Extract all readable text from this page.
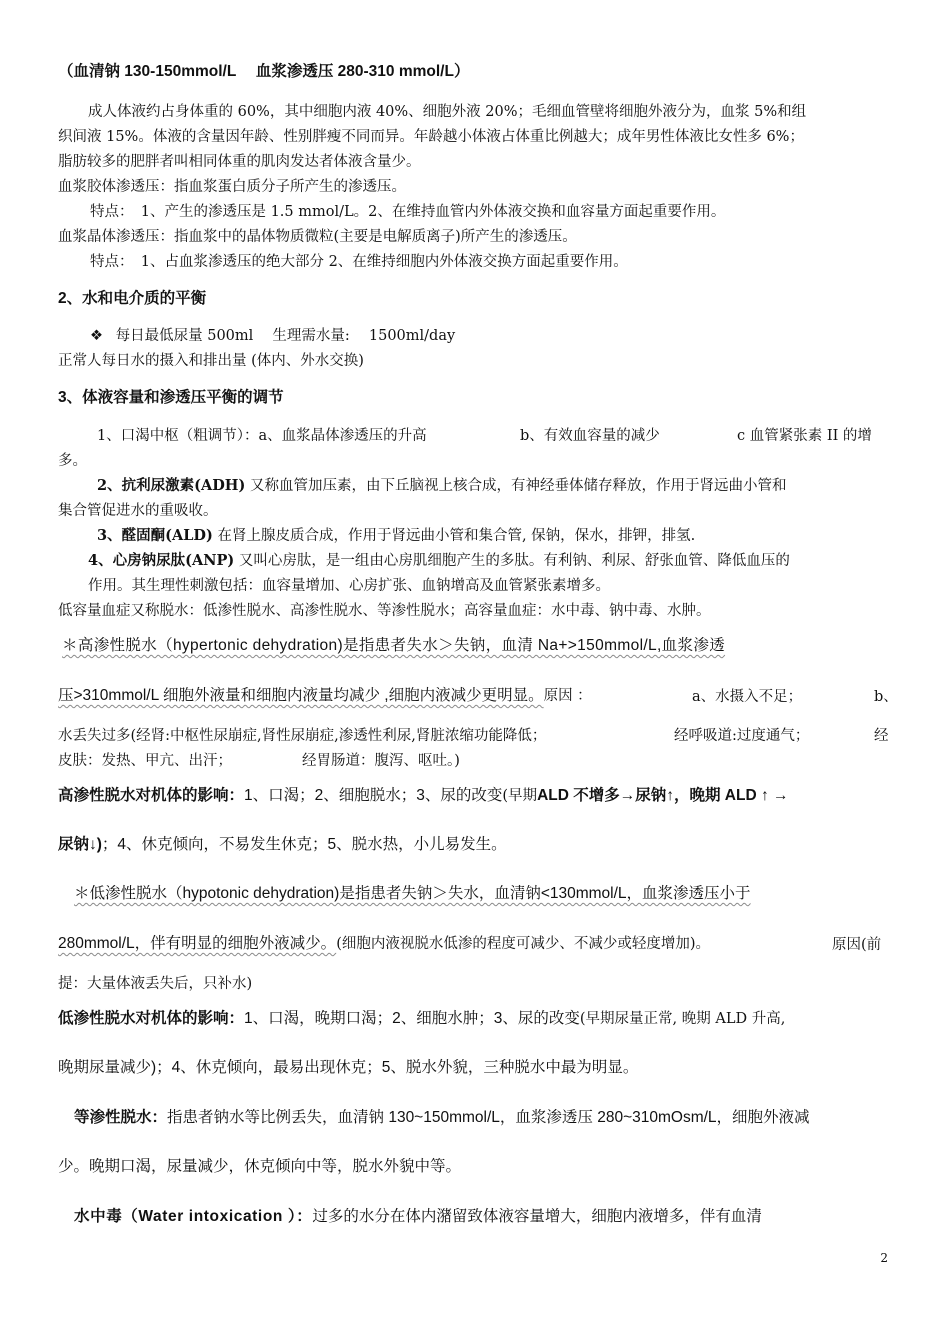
（血清钠 130-150mmol/L　 血浆渗透压 280-310 mmol/L）
成人体液约占身体重的 60%，其中细胞内液 40%、细胞外液 20%；毛细血管壁将细胞外液分为，血浆 5%和组
织间液 15%。体液的含量因年龄、性别胖瘦不同而异。年龄越小体液占体重比例越大；成年男性体液比女性多 6%；
脂肪较多的肥胖者叫相同体重的肌肉发达者体液含量少。
血浆胶体渗透压：指血浆蛋白质分子所产生的渗透压。
特点：　1、产生的渗透压是 1.5 mmol/L。2、在维持血管内外体液交换和血容量方面起重要作用。
血浆晶体渗透压：指血浆中的晶体物质微粒(主要是电解质离子)所产生的渗透压。
特点：　1、占血浆渗透压的绝大部分 2、在维持细胞内外体液交换方面起重要作用。
2、水和电介质的平衡
❖ 每日最低尿量 500ml　 生理需水量:　 1500ml/day
正常人每日水的摄入和排出量 (体内、外水交换)
3、体液容量和渗透压平衡的调节
1、口渴中枢（粗调节）：a、血浆晶体渗透压的升高	b、有效血容量的减少	c 血管紧张素 II 的增
多。
2、抗利尿激素(ADH) 又称血管加压素，由下丘脑视上核合成，有神经垂体储存释放，作用于肾远曲小管和
集合管促进水的重吸收。
3、醛固酮(ALD) 在肾上腺皮质合成，作用于肾远曲小管和集合管, 保钠，保水，排钾，排氢.
4、心房钠尿肽(ANP) 又叫心房肽，是一组由心房肌细胞产生的多肽。有利钠、利尿、舒张血管、降低血压的
作用。其生理性刺激包括：血容量增加、心房扩张、血钠增高及血管紧张素增多。
低容量血症又称脱水：低渗性脱水、高渗性脱水、等渗性脱水；高容量血症：水中毒、钠中毒、水肿。
＊高渗性脱水（hypertonic dehydration)是指患者失水＞失钠，血清 Na+>150mmol/L,血浆渗透
压>310mmol/L 细胞外液量和细胞内液量均减少 ,细胞内液减少更明显。原因 ：	a、水摄入不足；	b、
水丢失过多(经肾:中枢性尿崩症,肾性尿崩症,渗透性利尿,肾脏浓缩功能降低；	经呼吸道:过度通气；	经
皮肤：发热、甲亢、出汗；	经胃肠道：腹泻、呕吐。)
高渗性脱水对机体的影响：1、口渴；2、细胞脱水；3、尿的改变(早期ALD 不增多→尿钠↑，晚期 ALD ↑ →
尿钠↓)；4、休克倾向，不易发生休克；5、脱水热，小儿易发生。
＊低渗性脱水（hypotonic dehydration)是指患者失钠＞失水，血清钠<130mmol/L，血浆渗透压小于
280mmol/L，伴有明显的细胞外液减少。(细胞内液视脱水低渗的程度可减少、不减少或轻度增加)。	原因(前
提：大量体液丢失后，只补水)
低渗性脱水对机体的影响：1、口渴，晚期口渴；2、细胞水肿；3、尿的改变(早期尿量正常, 晚期 ALD 升高,
晚期尿量减少)；4、休克倾向，最易出现休克；5、脱水外貌，三种脱水中最为明显。
等渗性脱水：指患者钠水等比例丢失，血清钠 130~150mmol/L，血浆渗透压 280~310mOsm/L，细胞外液减
少。晚期口渴，尿量减少，休克倾向中等，脱水外貌中等。
水中毒（Water intoxication ）：过多的水分在体内潴留致体液容量增大，细胞内液增多，伴有血清
2
